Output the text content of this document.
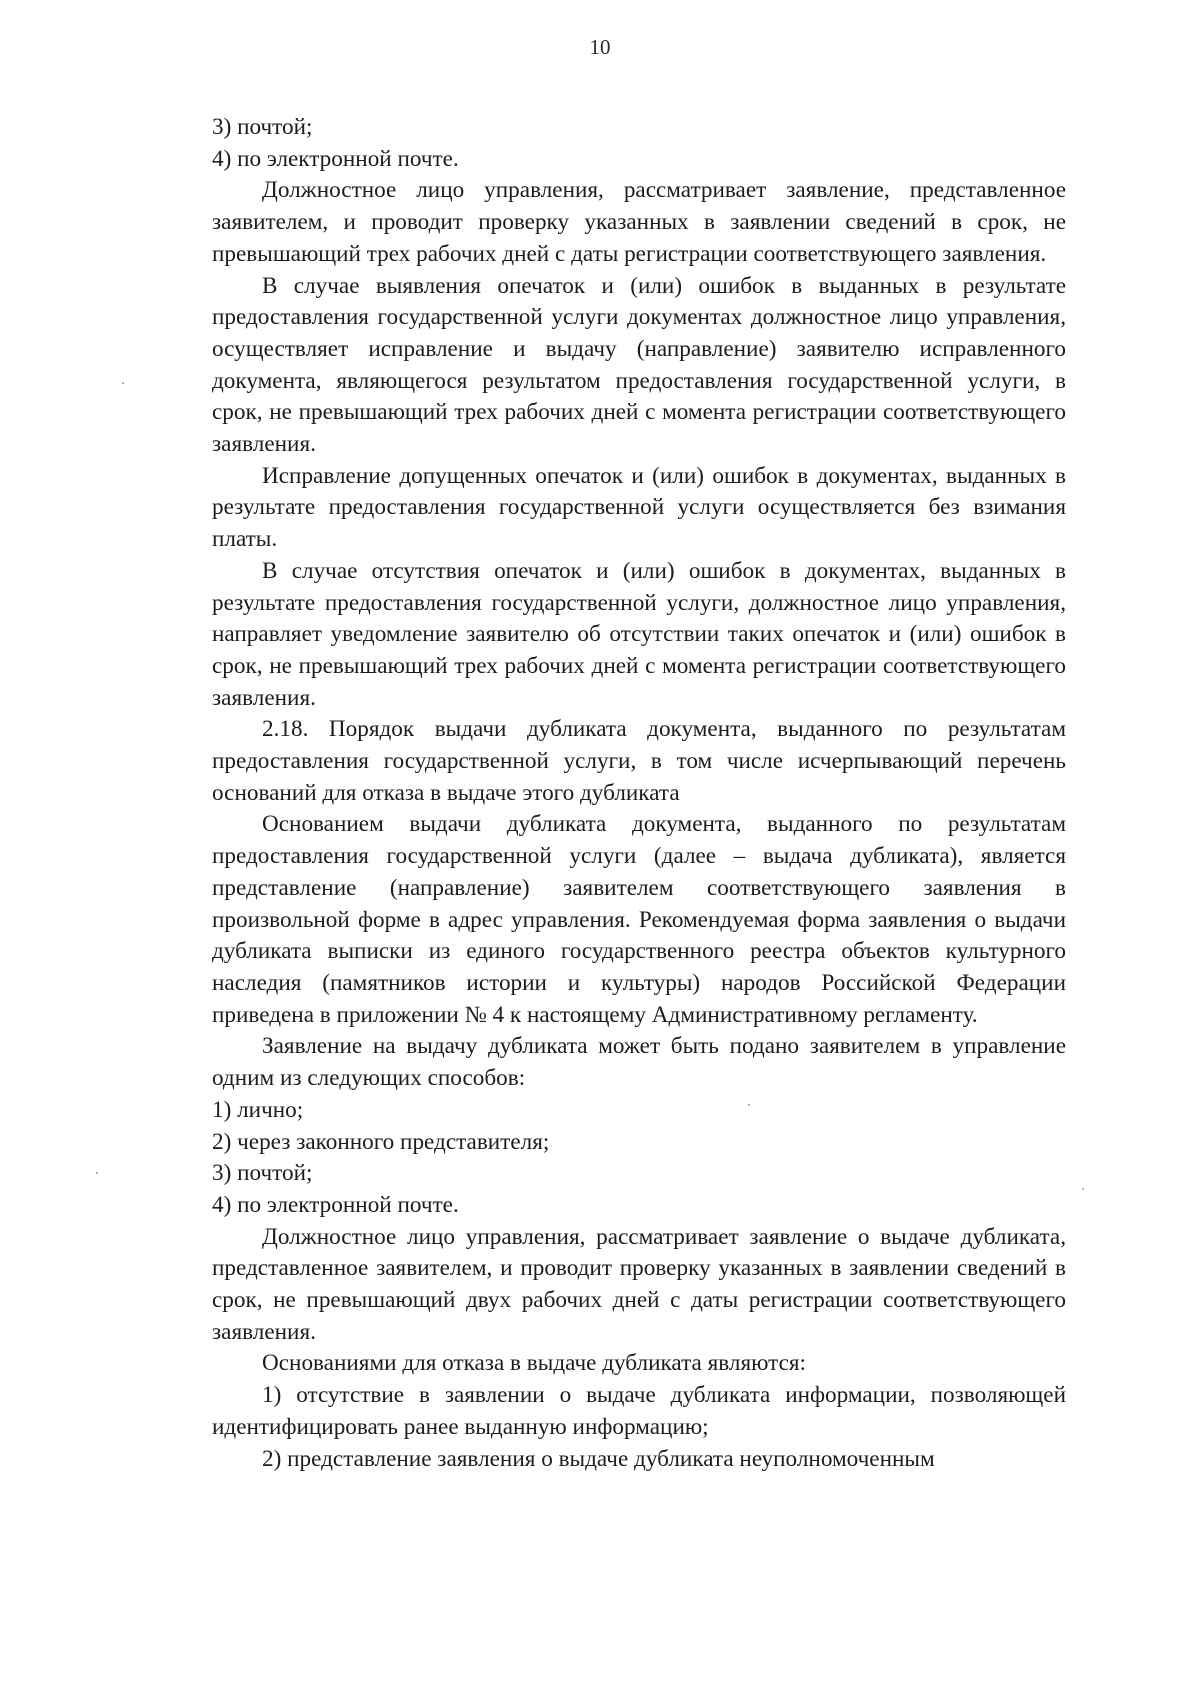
10

3) почтой;

4) по электронной почте.

Должностное лицо управления, рассматривает заявление, представленное заявителем, и проводит проверку указанных в заявлении сведений в срок, не превышающий трех рабочих дней с даты регистрации соответствующего заявления.

В случае выявления опечаток и (или) ошибок в выданных в результате предоставления государственной услуги документах должностное лицо управления, осуществляет исправление и выдачу (направление) заявителю исправленного документа, являющегося результатом предоставления государственной услуги, в срок, не превышающий трех рабочих дней с момента регистрации соответствующего заявления.

Исправление допущенных опечаток и (или) ошибок в документах, выданных в результате предоставления государственной услуги осуществляется без взимания платы.

В случае отсутствия опечаток и (или) ошибок в документах, выданных в результате предоставления государственной услуги, должностное лицо управления, направляет уведомление заявителю об отсутствии таких опечаток и (или) ошибок в срок, не превышающий трех рабочих дней с момента регистрации соответствующего заявления.

2.18. Порядок выдачи дубликата документа, выданного по результатам предоставления государственной услуги, в том числе исчерпывающий перечень оснований для отказа в выдаче этого дубликата

Основанием выдачи дубликата документа, выданного по результатам предоставления государственной услуги (далее – выдача дубликата), является представление (направление) заявителем соответствующего заявления в произвольной форме в адрес управления. Рекомендуемая форма заявления о выдачи дубликата выписки из единого государственного реестра объектов культурного наследия (памятников истории и культуры) народов Российской Федерации приведена в приложении № 4 к настоящему Административному регламенту.

Заявление на выдачу дубликата может быть подано заявителем в управление одним из следующих способов:

1) лично;

2) через законного представителя;

3) почтой;

4) по электронной почте.

Должностное лицо управления, рассматривает заявление о выдаче дубликата, представленное заявителем, и проводит проверку указанных в заявлении сведений в срок, не превышающий двух рабочих дней с даты регистрации соответствующего заявления.

Основаниями для отказа в выдаче дубликата являются:

1) отсутствие в заявлении о выдаче дубликата информации, позволяющей идентифицировать ранее выданную информацию;

2) представление заявления о выдаче дубликата неуполномоченным
